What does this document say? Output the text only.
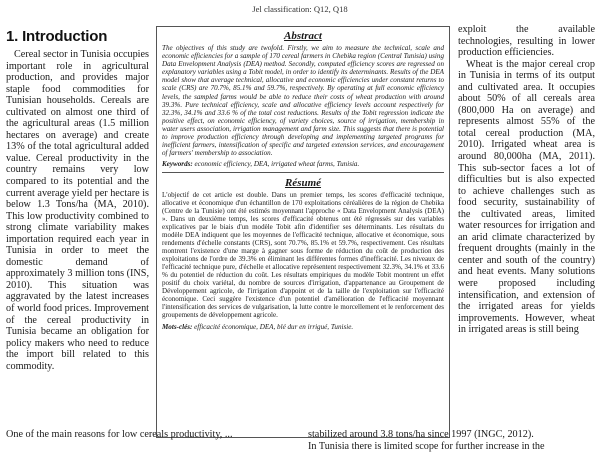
Jel classification: Q12, Q18
1. Introduction

Cereal sector in Tunisia occupies important role in agricultural production, and provides major staple food commodities for Tunisian households. Cereals are cultivated on almost one third of the agricultural areas (1.5 million hectares on average) and create 13% of the total agricultural added value. Cereal productivity in the country remains very low compared to its potential and the current average yield per hectare is below 1.3 Tons/ha (MA, 2010). This low productivity combined to strong climate variability makes importation required each year in Tunisia in order to meet the domestic demand of approximately 3 million tons (INS, 2010). This situation was aggravated by the latest increases of world food prices. Improvement of the cereal productivity in Tunisia became an obligation for policy makers who need to reduce the import bill related to this commodity.

Abstract

The objectives of this study are twofold. Firstly, we aim to measure the technical, scale and economic efficiencies for a sample of 170 cereal farmers in Chebika region (Central Tunisia) using Data Envelopment Analysis (DEA) method. Secondly, computed efficiency scores are regressed on explanatory variables using a Tobit model, in order to identify its determinants. Results of the DEA model show that average technical, allocative and economic efficiencies under constant returns to scale (CRS) are 70.7%, 85.1% and 59.7%, respectively. By operating at full economic efficiency levels, the sampled farms would be able to reduce their costs of wheat production with around 39.3%. Pure technical efficiency, scale and allocative efficiency levels account respectively for 32.3%, 34.1% and 33.6 % of the total cost reductions. Results of the Tobit regression indicate the positive effect, on economic efficiency, of variety choices, source of irrigation, membership in water users association, irrigation management and farm size. This suggests that there is potential to improve production efficiency through developing and implementing targeted programs for inefficient farmers, intensification of specific and targeted extension services, and encouragement of farmers' membership to association.

Keywords: economic efficiency, DEA, irrigated wheat farms, Tunisia.

Résumé

L'objectif de cet article est double. Dans un premier temps, les scores d'efficacité technique, allocative et économique d'un échantillon de 170 exploitations céréalières de la région de Chebika (Centre de la Tunisie) ont été estimés moyennant l'approche « Data Envelopment Analysis (DEA) ». Dans un deuxième temps, les scores d'efficacité obtenus ont été régressés sur des variables explicatives par le biais d'un modèle Tobit afin d'identifier ses déterminants. Les résultats du modèle DEA indiquent que les moyennes de l'efficacité technique, allocative et économique, sous rendements d'échelle constants (CRS), sont 70.7%, 85.1% et 59.7%, respectivement. Ces résultats montrent l'existence d'une marge à gagner sous forme de réduction du coût de production des exploitations de l'ordre de 39.3% en éliminant les différentes formes d'inefficacité. Les niveaux de l'efficacité technique pure, d'échelle et allocative représentent respectivement 32.3%, 34.1% et 33.6 % du potentiel de réduction du coût. Les résultats empiriques du modèle Tobit montrent un effet positif du choix variétal, du nombre de sources d'irrigation, d'appartenance au Groupement de Développement agricole, de l'irrigation d'appoint et de la taille de l'exploitation sur l'efficacité économique. Ceci suggère l'existence d'un potentiel d'amélioration de l'efficacité moyennant l'intensification des services de vulgarisation, la lutte contre le morcellement et le renforcement des groupements de développement agricole.

Mots-clés: efficacité économique, DEA, blé dur en irrigué, Tunisie.

exploit the available technologies, resulting in lower production efficiencies.

Wheat is the major cereal crop in Tunisia in terms of its output and cultivated area. It occupies about 50% of all cereals area (800,000 Ha on average) and represents almost 55% of the total cereal production (MA, 2010). Irrigated wheat area is around 80,000ha (MA, 2011). This sub-sector faces a lot of difficulties but is also expected to achieve challenges such as food security, sustainability of the cultivated areas, limited water resources for irrigation and an arid climate characterized by frequent droughts (mainly in the center and south of the country) and heat events. Many solutions were proposed including intensification, and extension of the irrigated areas for yields improvements. However, wheat in irrigated areas is still being

One of the main reasons for low cereals productivity, ...	stabilized around 3.8 tons/ha since 1997 (INGC, 2012).
In Tunisia there is limited scope for further increase in the
